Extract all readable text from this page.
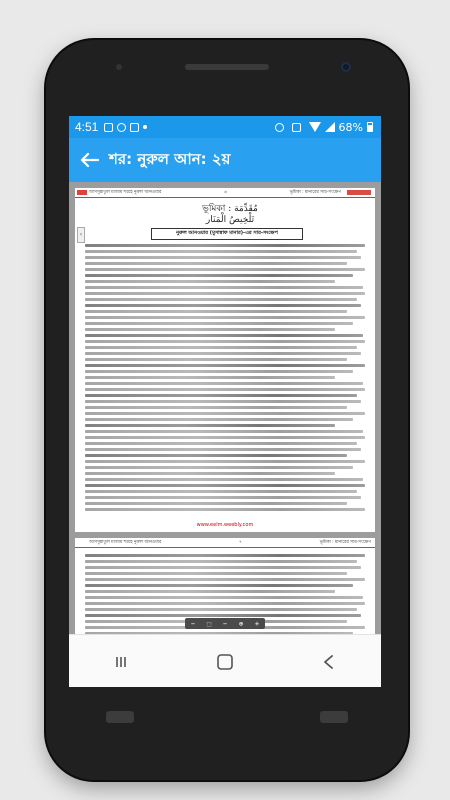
4:51	68%
শর: নুরুল আন: ২য়
আসসুন্নাতুল মাজাম শরহে নুরুল আনওয়ার	৬	ভূমিকা : মানারের সার-সংক্ষেপ
‹
مُقَدِّمَة : ভূমিকা
تَلْخِيصُ الْمَنَار
নুরুল আনওয়ার (মুসান্নাফ মানার)-এর সার-সংক্ষেপ
www.eelm.weebly.com
আসসুন্নাতুল মাজাম শরহে নুরুল আনওয়ার	৭	ভূমিকা : মানারের সার-সংক্ষেপ
− ⬚ − ⊕ +
